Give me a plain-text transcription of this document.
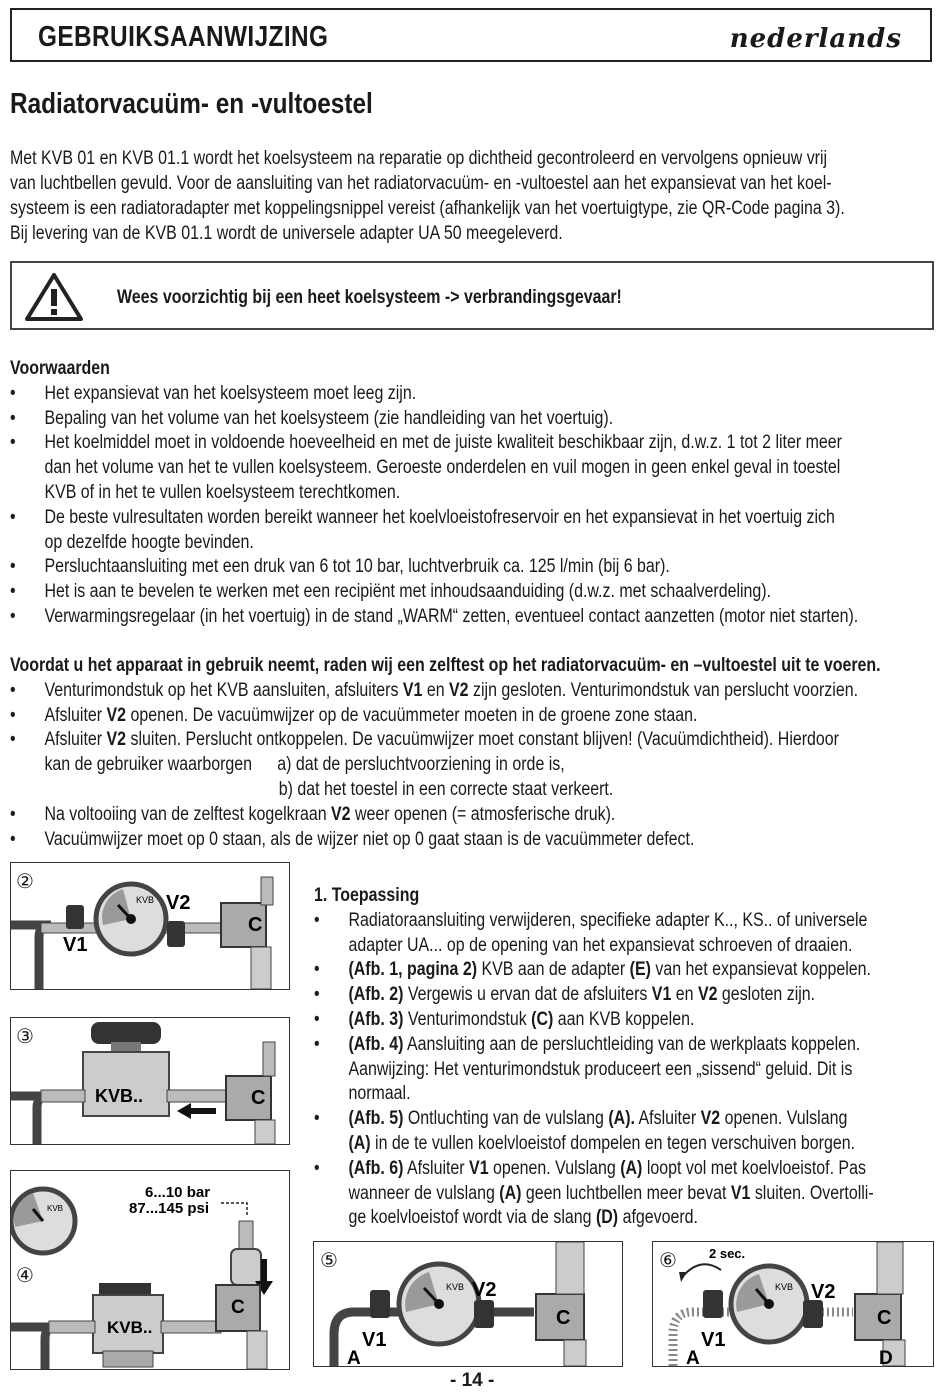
GEBRUIKSAANWIJZING	nederlands
Radiatorvacuüm- en -vultoestel
Met KVB 01 en KVB 01.1 wordt het koelsysteem na reparatie op dichtheid gecontroleerd en vervolgens opnieuw vrij
van luchtbellen gevuld. Voor de aansluiting van het radiatorvacuüm- en -vultoestel aan het expansievat van het koel-
systeem is een radiatoradapter met koppelingsnippel vereist (afhankelijk van het voertuigtype, zie QR-Code pagina 3).
Bij levering van de KVB 01.1 wordt de universele adapter UA 50 meegeleverd.
Wees voorzichtig bij een heet koelsysteem -> verbrandingsgevaar!
Voorwaarden
• Het expansievat van het koelsysteem moet leeg zijn.
• Bepaling van het volume van het koelsysteem (zie handleiding van het voertuig).
• Het koelmiddel moet in voldoende hoeveelheid en met de juiste kwaliteit beschikbaar zijn, d.w.z. 1 tot 2 liter meer
dan het volume van het te vullen koelsysteem. Geroeste onderdelen en vuil mogen in geen enkel geval in toestel
KVB of in het te vullen koelsysteem terechtkomen.
• De beste vulresultaten worden bereikt wanneer het koelvloeistofreservoir en het expansievat in het voertuig zich
op dezelfde hoogte bevinden.
• Persluchtaansluiting met een druk van 6 tot 10 bar, luchtverbruik ca. 125 l/min (bij 6 bar).
• Het is aan te bevelen te werken met een recipiënt met inhoudsaanduiding (d.w.z. met schaalverdeling).
• Verwarmingsregelaar (in het voertuig) in de stand „WARM“ zetten, eventueel contact aanzetten (motor niet starten).
Voordat u het apparaat in gebruik neemt, raden wij een zelftest op het radiatorvacuüm- en –vultoestel uit te voeren.
• Venturimondstuk op het KVB aansluiten, afsluiters V1 en V2 zijn gesloten. Venturimondstuk van perslucht voorzien.
• Afsluiter V2 openen. De vacuümwijzer op de vacuümmeter moeten in de groene zone staan.
• Afsluiter V2 sluiten. Perslucht ontkoppelen. De vacuümwijzer moet constant blijven! (Vacuümdichtheid). Hierdoor
kan de gebruiker waarborgen a) dat de persluchtvoorziening in orde is,
b) dat het toestel in een correcte staat verkeert.
• Na voltooiing van de zelftest kogelkraan V2 weer openen (= atmosferische druk).
• Vacuümwijzer moet op 0 staan, als de wijzer niet op 0 gaat staan is de vacuümmeter defect.
1. Toepassing
• Radiatoraansluiting verwijderen, specifieke adapter K.., KS.. of universele
adapter UA... op de opening van het expansievat schroeven of draaien.
• (Afb. 1, pagina 2) KVB aan de adapter (E) van het expansievat koppelen.
• (Afb. 2) Vergewis u ervan dat de afsluiters V1 en V2 gesloten zijn.
• (Afb. 3) Venturimondstuk (C) aan KVB koppelen.
• (Afb. 4) Aansluiting aan de persluchtleiding van de werkplaats koppelen.
Aanwijzing: Het venturimondstuk produceert een „sissend“ geluid. Dit is
normaal.
• (Afb. 5) Ontluchting van de vulslang (A). Afsluiter V2 openen. Vulslang
(A) in de te vullen koelvloeistof dompelen en tegen verschuiven borgen.
• (Afb. 6) Afsluiter V1 openen. Vulslang (A) loopt vol met koelvloeistof. Pas
wanneer de vulslang (A) geen luchtbellen meer bevat V1 sluiten. Overtolli-
ge koelvloeistof wordt via de slang (D) afgevoerd.
②
KVB
V1
V2
C
③
KVB..	C
④
KVB
6...10 bar
87...145 psi
KVB..
C
⑤
KVB
V1
V2
C
A
⑥ 2 sec.
KVB
V1
V2
C
A	D
- 14 -
